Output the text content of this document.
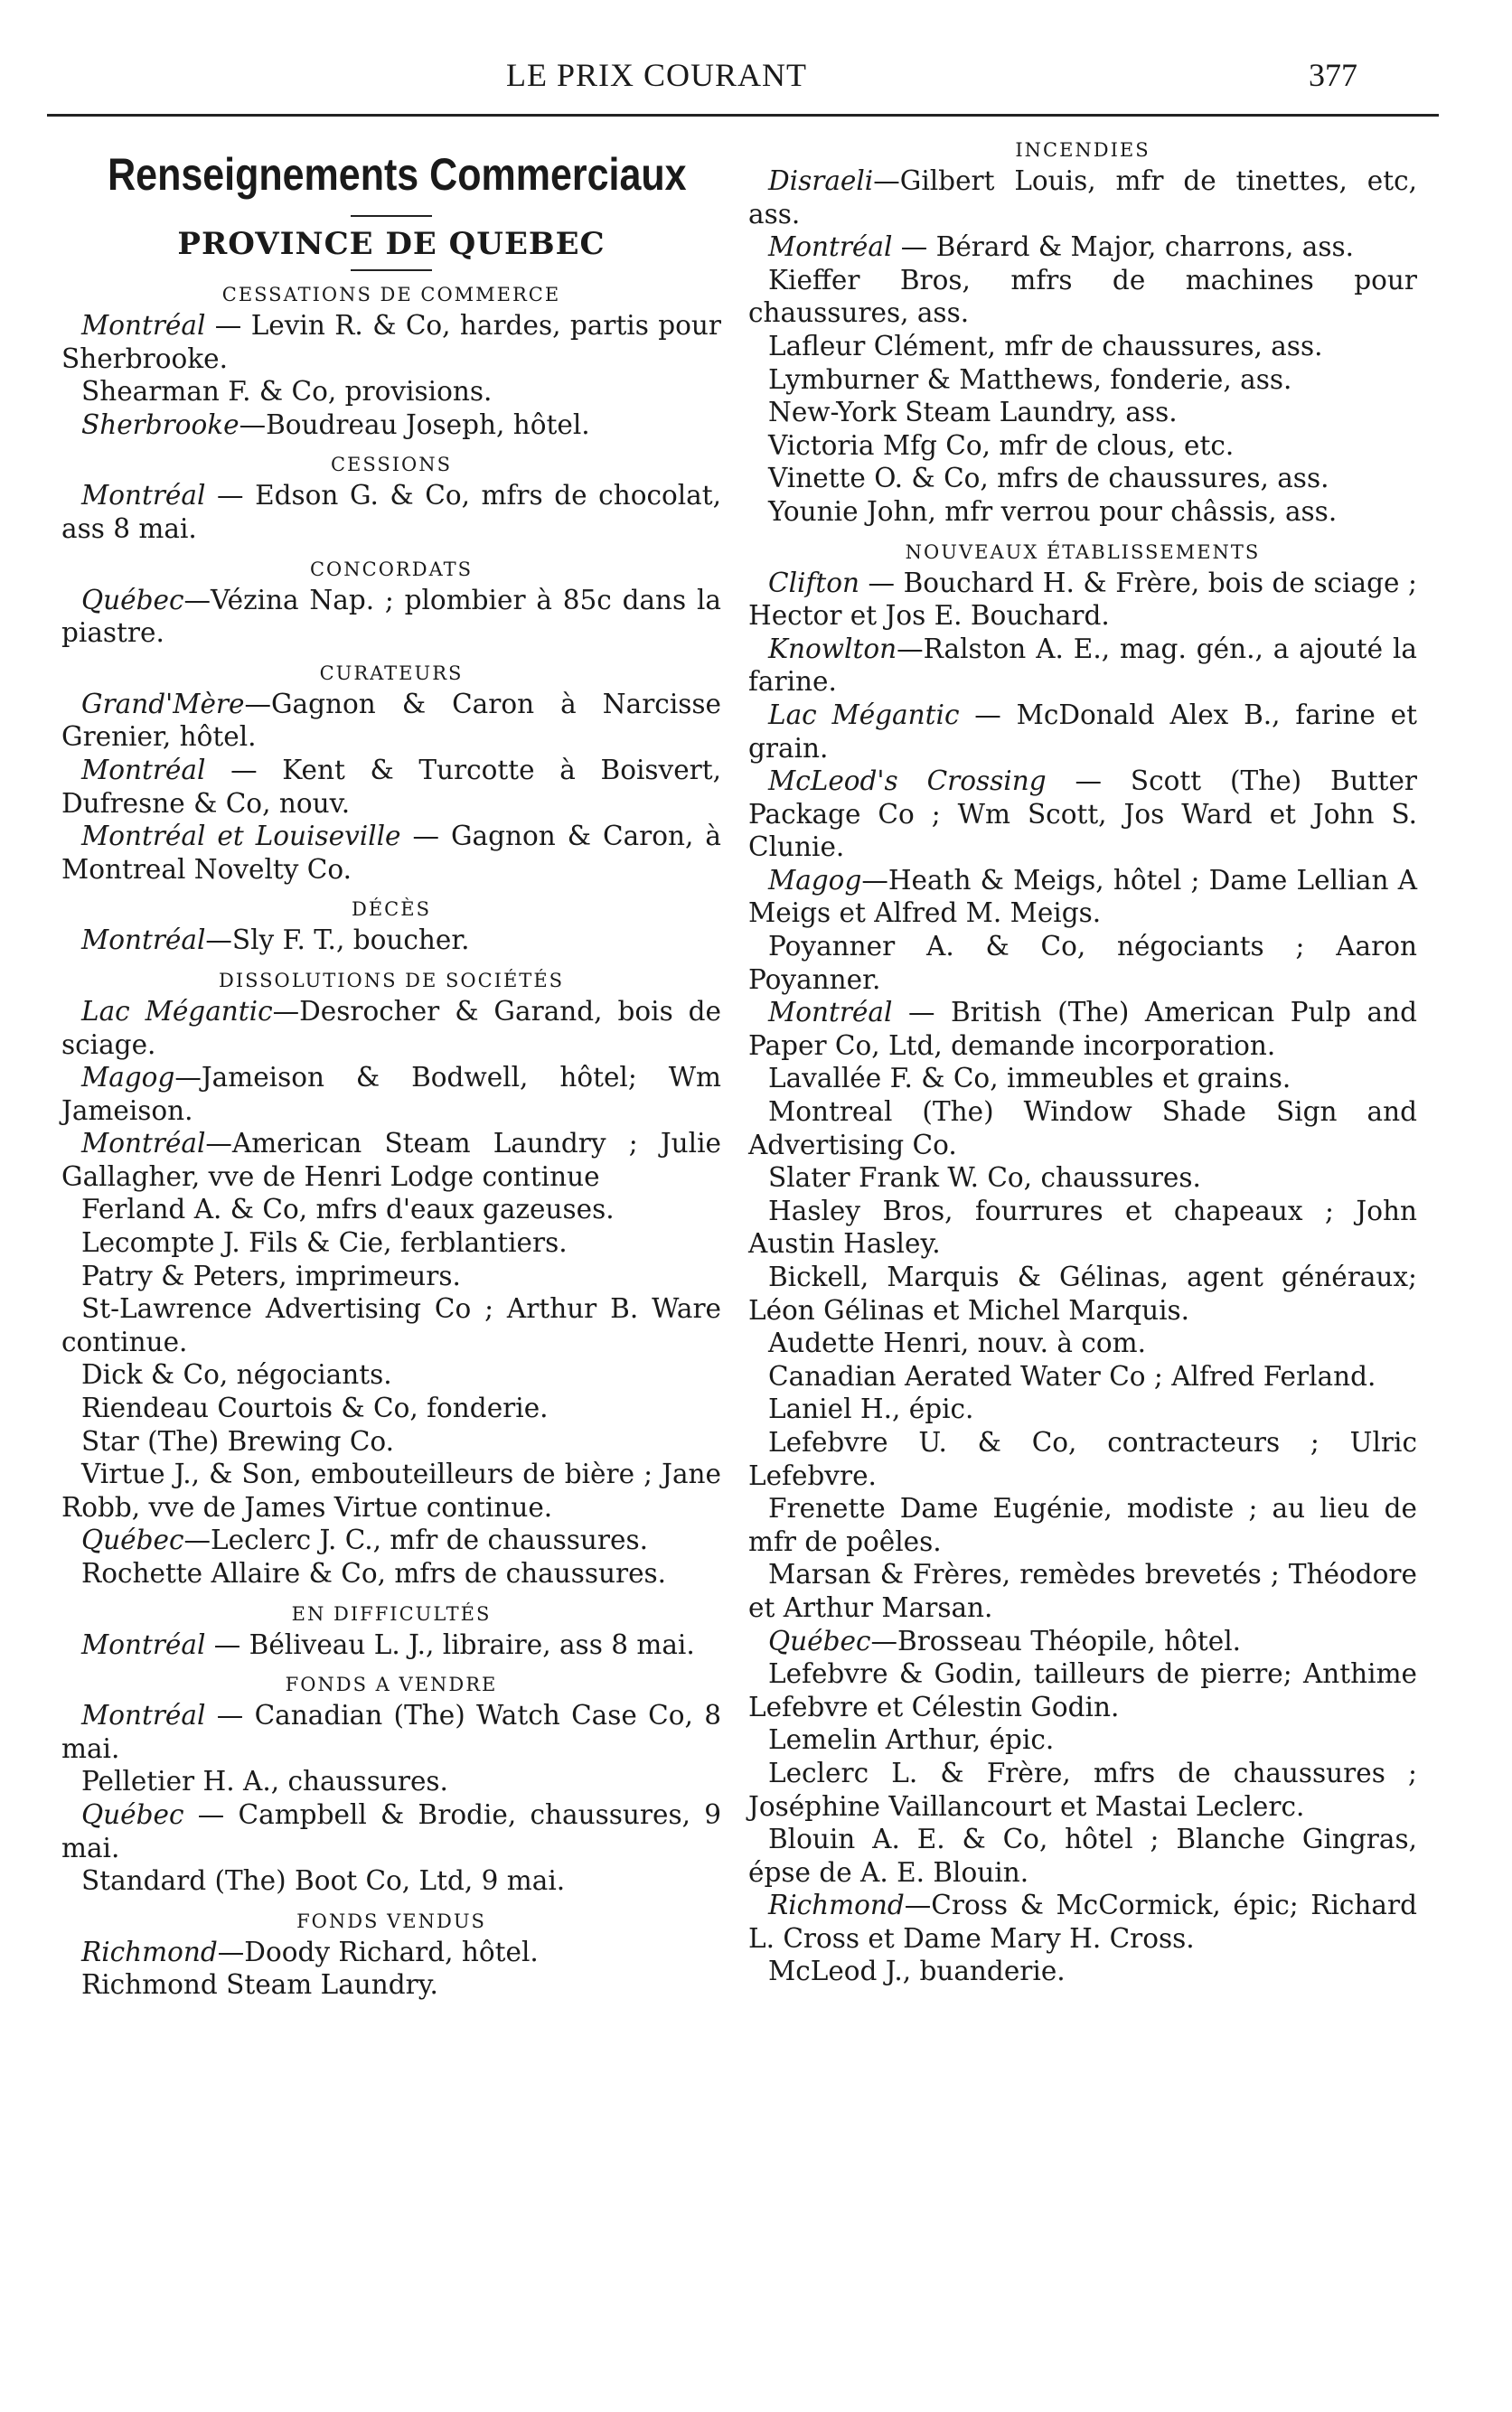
LE PRIX COURANT	377
Renseignements Commerciaux
PROVINCE DE QUEBEC
CESSATIONS DE COMMERCE

Montréal — Levin R. & Co, hardes, partis pour Sherbrooke.

Shearman F. & Co, provisions.

Sherbrooke—Boudreau Joseph, hôtel.

CESSIONS

Montréal — Edson G. & Co, mfrs de chocolat, ass 8 mai.

CONCORDATS

Québec—Vézina Nap. ; plombier à 85c dans la piastre.

CURATEURS

Grand'Mère—Gagnon & Caron à Narcisse Grenier, hôtel.

Montréal — Kent & Turcotte à Boisvert, Dufresne & Co, nouv.

Montréal et Louiseville — Gagnon & Caron, à Montreal Novelty Co.

DÉCÈS

Montréal—Sly F. T., boucher.

DISSOLUTIONS DE SOCIÉTÉS

Lac Mégantic—Desrocher & Garand, bois de sciage.

Magog—Jameison & Bodwell, hôtel; Wm Jameison.

Montréal—American Steam Laundry ; Julie Gallagher, vve de Henri Lodge continue

Ferland A. & Co, mfrs d'eaux gazeuses.

Lecompte J. Fils & Cie, ferblantiers.

Patry & Peters, imprimeurs.

St-Lawrence Advertising Co ; Arthur B. Ware continue.

Dick & Co, négociants.

Riendeau Courtois & Co, fonderie.

Star (The) Brewing Co.

Virtue J., & Son, embouteilleurs de bière ; Jane Robb, vve de James Virtue continue.

Québec—Leclerc J. C., mfr de chaussures.

Rochette Allaire & Co, mfrs de chaussures.

EN DIFFICULTÉS

Montréal — Béliveau L. J., libraire, ass 8 mai.

FONDS A VENDRE

Montréal — Canadian (The) Watch Case Co, 8 mai.

Pelletier H. A., chaussures.

Québec — Campbell & Brodie, chaussures, 9 mai.

Standard (The) Boot Co, Ltd, 9 mai.

FONDS VENDUS

Richmond—Doody Richard, hôtel.

Richmond Steam Laundry.

INCENDIES

Disraeli—Gilbert Louis, mfr de tinettes, etc, ass.

Montréal — Bérard & Major, charrons, ass.

Kieffer Bros, mfrs de machines pour chaussures, ass.

Lafleur Clément, mfr de chaussures, ass.

Lymburner & Matthews, fonderie, ass.

New-York Steam Laundry, ass.

Victoria Mfg Co, mfr de clous, etc.

Vinette O. & Co, mfrs de chaussures, ass.

Younie John, mfr verrou pour châssis, ass.

NOUVEAUX ÉTABLISSEMENTS

Clifton — Bouchard H. & Frère, bois de sciage ; Hector et Jos E. Bouchard.

Knowlton—Ralston A. E., mag. gén., a ajouté la farine.

Lac Mégantic — McDonald Alex B., farine et grain.

McLeod's Crossing — Scott (The) Butter Package Co ; Wm Scott, Jos Ward et John S. Clunie.

Magog—Heath & Meigs, hôtel ; Dame Lellian A Meigs et Alfred M. Meigs.

Poyanner A. & Co, négociants ; Aaron Poyanner.

Montréal — British (The) American Pulp and Paper Co, Ltd, demande incorporation.

Lavallée F. & Co, immeubles et grains.

Montreal (The) Window Shade Sign and Advertising Co.

Slater Frank W. Co, chaussures.

Hasley Bros, fourrures et chapeaux ; John Austin Hasley.

Bickell, Marquis & Gélinas, agent généraux; Léon Gélinas et Michel Marquis.

Audette Henri, nouv. à com.

Canadian Aerated Water Co ; Alfred Ferland.

Laniel H., épic.

Lefebvre U. & Co, contracteurs ; Ulric Lefebvre.

Frenette Dame Eugénie, modiste ; au lieu de mfr de poêles.

Marsan & Frères, remèdes brevetés ; Théodore et Arthur Marsan.

Québec—Brosseau Théopile, hôtel.

Lefebvre & Godin, tailleurs de pierre; Anthime Lefebvre et Célestin Godin.

Lemelin Arthur, épic.

Leclerc L. & Frère, mfrs de chaussures ; Joséphine Vaillancourt et Mastai Leclerc.

Blouin A. E. & Co, hôtel ; Blanche Gingras, épse de A. E. Blouin.

Richmond—Cross & McCormick, épic; Richard L. Cross et Dame Mary H. Cross.

McLeod J., buanderie.
